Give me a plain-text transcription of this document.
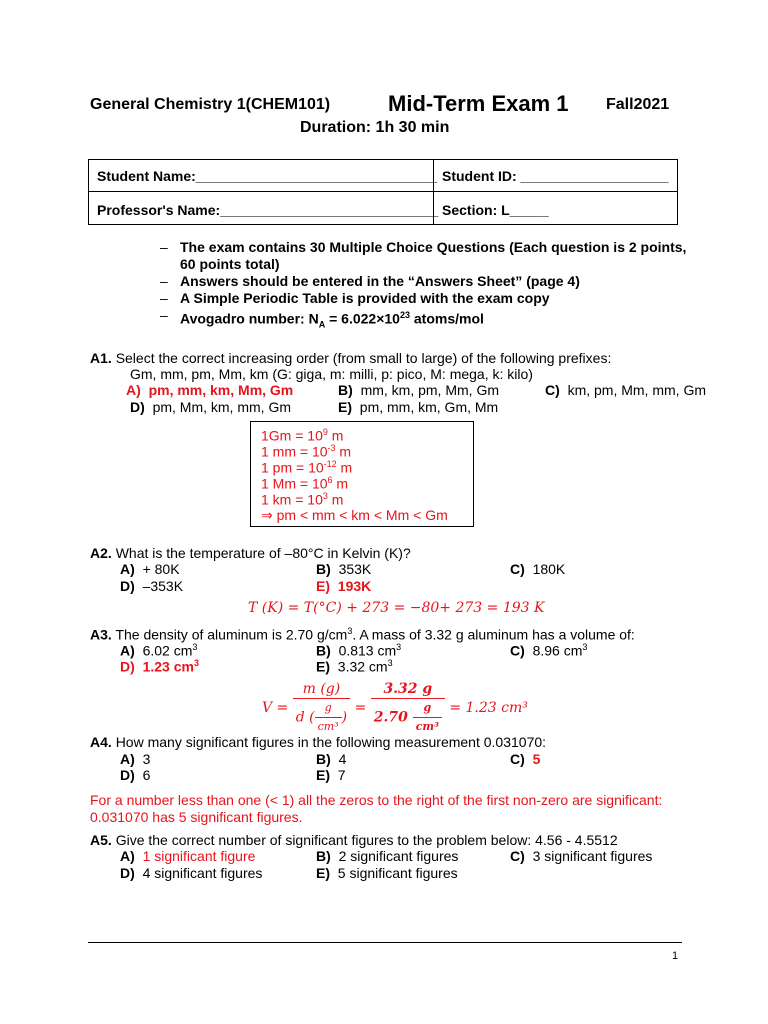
General Chemistry 1(CHEM101)	Mid-Term Exam 1 Fall2021
Duration: 1h 30 min
Student Name:_______________________________ Student ID: ___________________
Professor's Name:____________________________ Section: L_____
– The exam contains 30 Multiple Choice Questions (Each question is 2 points, 60 points total)
– Answers should be entered in the “Answers Sheet” (page 4)
– A Simple Periodic Table is provided with the exam copy
– Avogadro number: $N_A = 6.022\times 10^{23}$ atoms/mol
A1. Select the correct increasing order (from small to large) of the following prefixes:
Gm, mm, pm, Mm, km (G: giga, m: milli, p: pico, M: mega, k: kilo)
A) pm, mm, km, Mm, Gm	B) mm, km, pm, Mm, Gm	C) km, pm, Mm, mm, Gm
D) pm, Mm, km, mm, Gm	E) pm, mm, km, Gm, Mm
$1Gm = 10^9$ m
1 mm = $10^{-3}$ m
1 pm = $10^{-12}$ m
1 $Mm = 10^6$ m
1 km = $10^3$ m
⇒ pm < mm < km < Mm < Gm
A2. What is the temperature of –80°C in Kelvin (K)?
A) + 80K	B) 353K	C) 180K
D) –353K	E) 193K
T (K) = T(°C) + 273 = −80+ 273 = 193 K
A3. The density of aluminum is 2.70 $g/cm^3$. A mass of 3.32 g aluminum has a volume of:
A) 6.02 $cm^3$	B) 0.813 $cm^3$	C) 8.96 $cm^3$
D) 1.23 $cm^3$	E) 3.32 $cm^3$
$V = \frac{m (g)}{d ( \frac{g}{\text{cm³}} )} = \frac{3.32 g}{2.70 \frac{g}{\text{cm³}}} = 1.23$ cm³
A4. How many significant figures in the following measurement 0.031070:
A) 3	B) 4	C) 5
D) 6	E) 7
For a number less than one (< 1) all the zeros to the right of the first non-zero are significant:
0.031070 has 5 significant figures.
A5. Give the correct number of significant figures to the problem below: 4.56 - 4.5512
A) 1 significant figure	B) 2 significant figures	C) 3 significant figures
D) 4 significant figures	E) 5 significant figures
1
